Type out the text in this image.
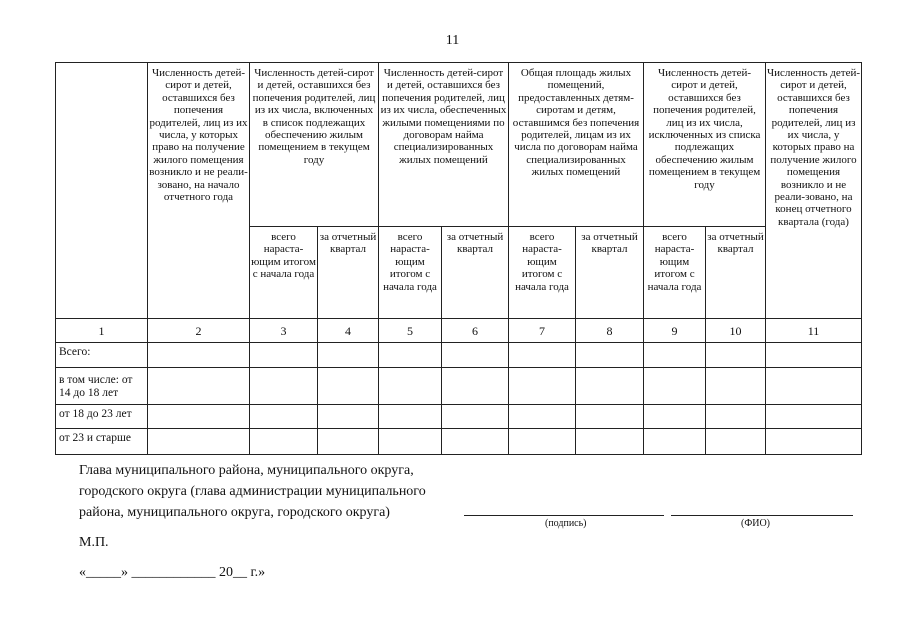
11
	Численность детей-сирот и детей, оставшихся без попечения родителей, лиц из их числа, у которых право на получение жилого помещения возникло и не реали-зовано, на начало отчетного года	Численность детей-сирот и детей, оставшихся без попечения родителей, лиц из их числа, включенных в список подлежащих обеспечению жилым помещением в текущем году		Численность детей-сирот и детей, оставшихся без попечения родителей, лиц из их числа, обеспеченных жилыми помещениями по договорам найма специализированных жилых помещений		Общая площадь жилых помещений, предоставленных детям-сиротам и детям, оставшимся без попечения родителей, лицам из их числа по договорам найма специализированных жилых помещений		Численность детей-сирот и детей, оставшихся без попечения родителей, лиц из их числа, исключенных из списка подлежащих обеспечению жилым помещением в текущем году		Численность детей-сирот и детей, оставшихся без попечения родителей, лиц из их числа, у которых право на получение жилого помещения возникло и не реали-зовано, на конец отчетного квартала (года)
		всего нараста-ющим итогом с начала года	за отчетный квартал	всего нараста-ющим итогом с начала года	за отчетный квартал	всего нараста-ющим итогом с начала года	за отчетный квартал	всего нараста-ющим итогом с начала года	за отчетный квартал	
1	2	3	4	5	6	7	8	9	10	11
Всего:										
в том числе: от 14 до 18 лет										
от 18 до 23 лет										
от 23 и старше										
Глава муниципального района, муниципального округа,
городского округа (глава администрации муниципального
района, муниципального округа, городского округа)
(подпись)	(ФИО)
М.П.
«_____» ____________ 20__ г.»
